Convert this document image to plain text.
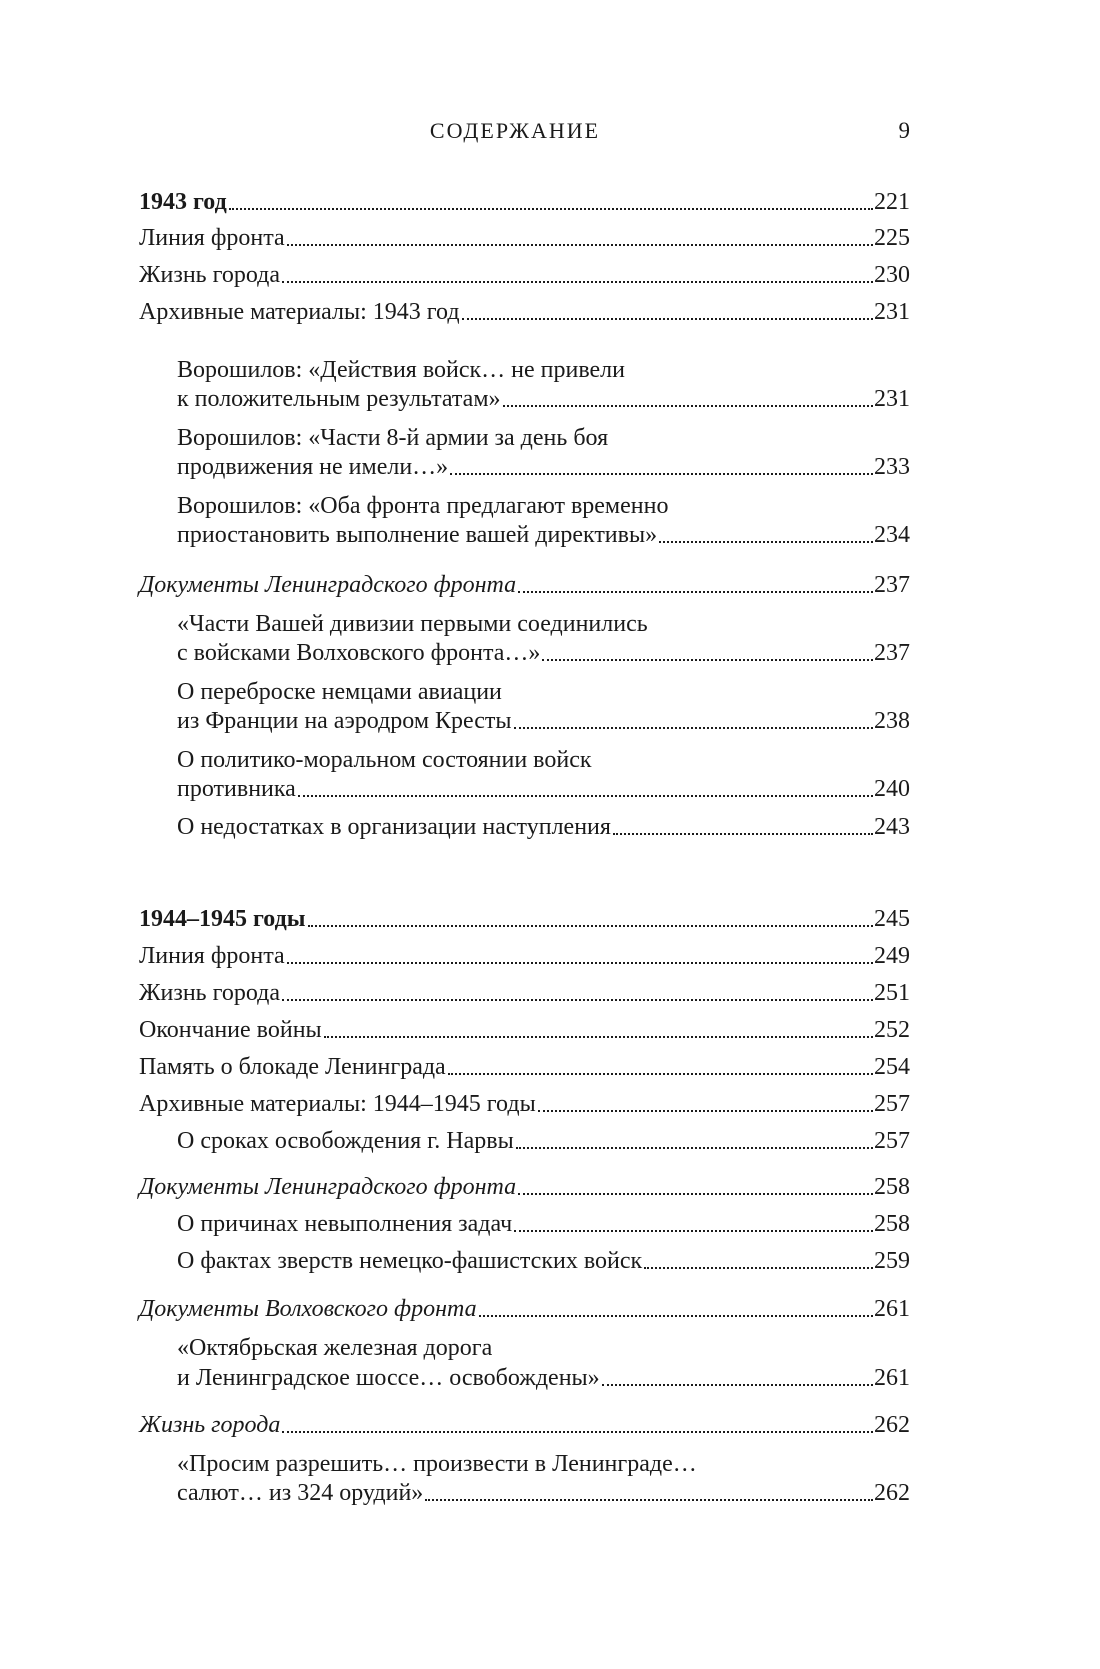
СОДЕРЖАНИЕ	9
1943 год	221
Линия фронта	225
Жизнь города	230
Архивные материалы: 1943 год	231
Ворошилов: «Действия войск… не привели
к положительным результатам»	231
Ворошилов: «Части 8-й армии за день боя
продвижения не имели…»	233
Ворошилов: «Оба фронта предлагают временно
приостановить выполнение вашей директивы»	234
Документы Ленинградского фронта	237
«Части Вашей дивизии первыми соединились
с войсками Волховского фронта…»	237
О переброске немцами авиации
из Франции на аэродром Кресты	238
О политико-моральном состоянии войск
противника	240
О недостатках в организации наступления	243
1944–1945 годы	245
Линия фронта	249
Жизнь города	251
Окончание войны	252
Память о блокаде Ленинграда	254
Архивные материалы: 1944–1945 годы	257
О сроках освобождения г. Нарвы	257
Документы Ленинградского фронта	258
О причинах невыполнения задач	258
О фактах зверств немецко-фашистских войск	259
Документы Волховского фронта	261
«Октябрьская железная дорога
и Ленинградское шоссе… освобождены»	261
Жизнь города	262
«Просим разрешить… произвести в Ленинграде…
салют… из 324 орудий»	262
